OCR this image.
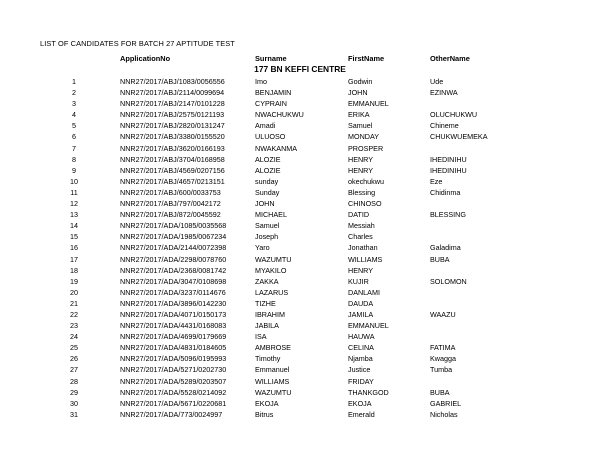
LIST OF CANDIDATES FOR BATCH 27 APTITUDE TEST
ApplicationNo	Surname	FirstName	OtherName
177 BN KEFFI CENTRE
1	NNR27/2017/ABJ/1083/0056556	Imo	Godwin	Ude
2	NNR27/2017/ABJ/2114/0099694	BENJAMIN	JOHN	EZINWA
3	NNR27/2017/ABJ/2147/0101228	CYPRAIN	EMMANUEL
4	NNR27/2017/ABJ/2575/0121193	NWACHUKWU	ERIKA	OLUCHUKWU
5	NNR27/2017/ABJ/2820/0131247	Amadi	Samuel	Chineme
6	NNR27/2017/ABJ/3380/0155520	ULUOSO	MONDAY	CHUKWUEMEKA
7	NNR27/2017/ABJ/3620/0166193	NWAKANMA	PROSPER
8	NNR27/2017/ABJ/3704/0168958	ALOZIE	HENRY	IHEDINIHU
9	NNR27/2017/ABJ/4569/0207156	ALOZIE	HENRY	IHEDINIHU
10	NNR27/2017/ABJ/4657/0213151	sunday	okechukwu	Eze
11	NNR27/2017/ABJ/600/0033753	Sunday	Blessing	Chidinma
12	NNR27/2017/ABJ/797/0042172	JOHN	CHINOSO
13	NNR27/2017/ABJ/872/0045592	MICHAEL	DATID	BLESSING
14	NNR27/2017/ADA/1085/0035568	Samuel	Messiah
15	NNR27/2017/ADA/1985/0067234	Joseph	Charles
16	NNR27/2017/ADA/2144/0072398	Yaro	Jonathan	Galadima
17	NNR27/2017/ADA/2298/0078760	WAZUMTU	WILLIAMS	BUBA
18	NNR27/2017/ADA/2368/0081742	MYAKILO	HENRY
19	NNR27/2017/ADA/3047/0108698	ZAKKA	KUJIR	SOLOMON
20	NNR27/2017/ADA/3237/0114676	LAZARUS	DANLAMI
21	NNR27/2017/ADA/3896/0142230	TIZHE	DAUDA
22	NNR27/2017/ADA/4071/0150173	IBRAHIM	JAMILA	WAAZU
23	NNR27/2017/ADA/4431/0168083	JABILA	EMMANUEL
24	NNR27/2017/ADA/4699/0179669	ISA	HAUWA
25	NNR27/2017/ADA/4831/0184605	AMBROSE	CELINA	FATIMA
26	NNR27/2017/ADA/5096/0195993	Timothy	Njamba	Kwagga
27	NNR27/2017/ADA/5271/0202730	Emmanuel	Justice	Tumba
28	NNR27/2017/ADA/5289/0203507	WILLIAMS	FRIDAY
29	NNR27/2017/ADA/5528/0214092	WAZUMTU	THANKGOD	BUBA
30	NNR27/2017/ADA/5671/0220681	EKOJA	EKOJA	GABRIEL
31	NNR27/2017/ADA/773/0024997	Bitrus	Emerald	Nicholas
